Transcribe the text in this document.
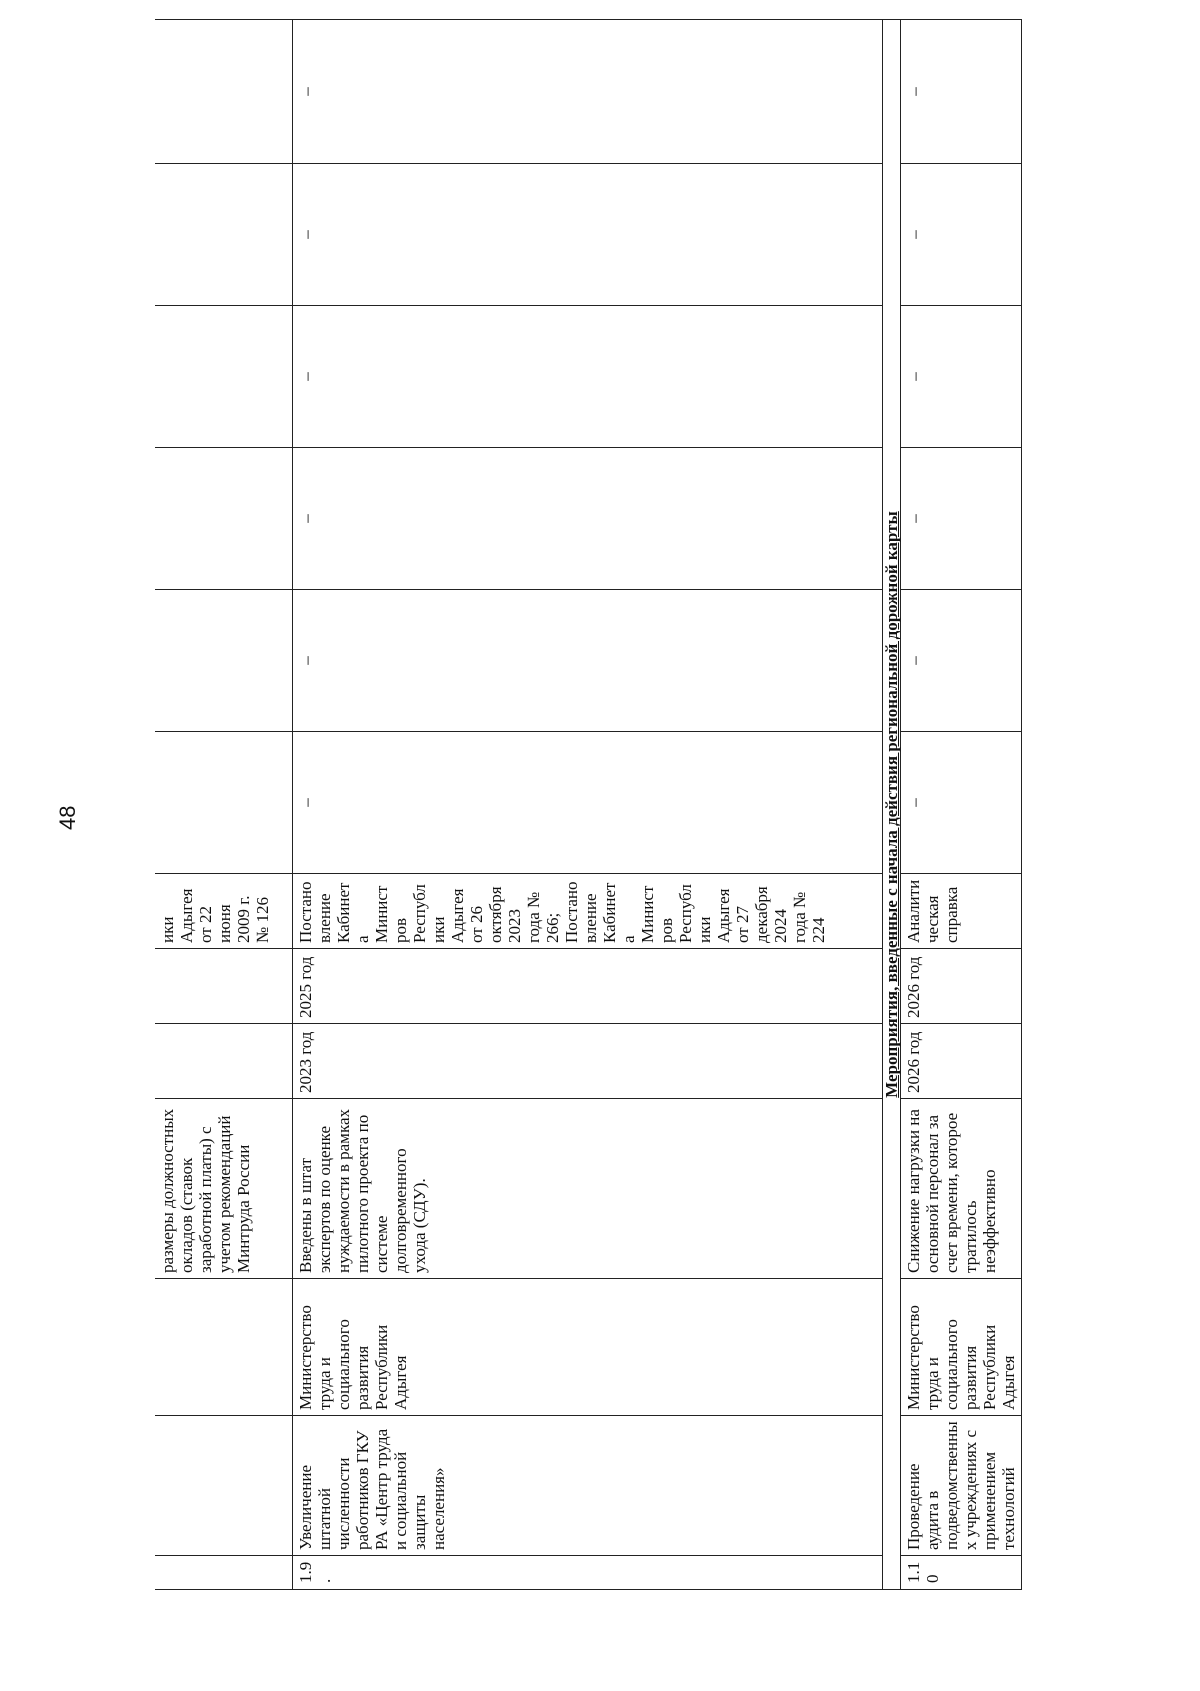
48
			размеры должностных окладов (ставок заработной платы) с учетом рекомендаций Минтруда России			ики Адыгея от 22 июня 2009 г. № 126						
1.9.	Увеличение штатной численности работников ГКУ РА «Центр труда и социальной защиты населения»	Министерство труда и социального развития Республики Адыгея	Введены в штат экспертов по оценке нуждаемости в рамках пилотного проекта по системе долговременного ухода (СДУ).	2023 год	2025 год	Постановление Кабинета Министров Республики Адыгея от 26 октября 2023 года № 266; Постановление Кабинета Министров Республики Адыгея от 27 декабря 2024 года № 224	–	–	–	–	–	–
Мероприятия, введенные с начала действия региональной дорожной карты												
1.10	Проведение аудита в подведомственных учреждениях с применением технологий	Министерство труда и социального развития Республики Адыгея	Снижение нагрузки на основной персонал за счет времени, которое тратилось неэффективно	2026 год	2026 год	Аналитическая справка	–	–	–	–	–	–
